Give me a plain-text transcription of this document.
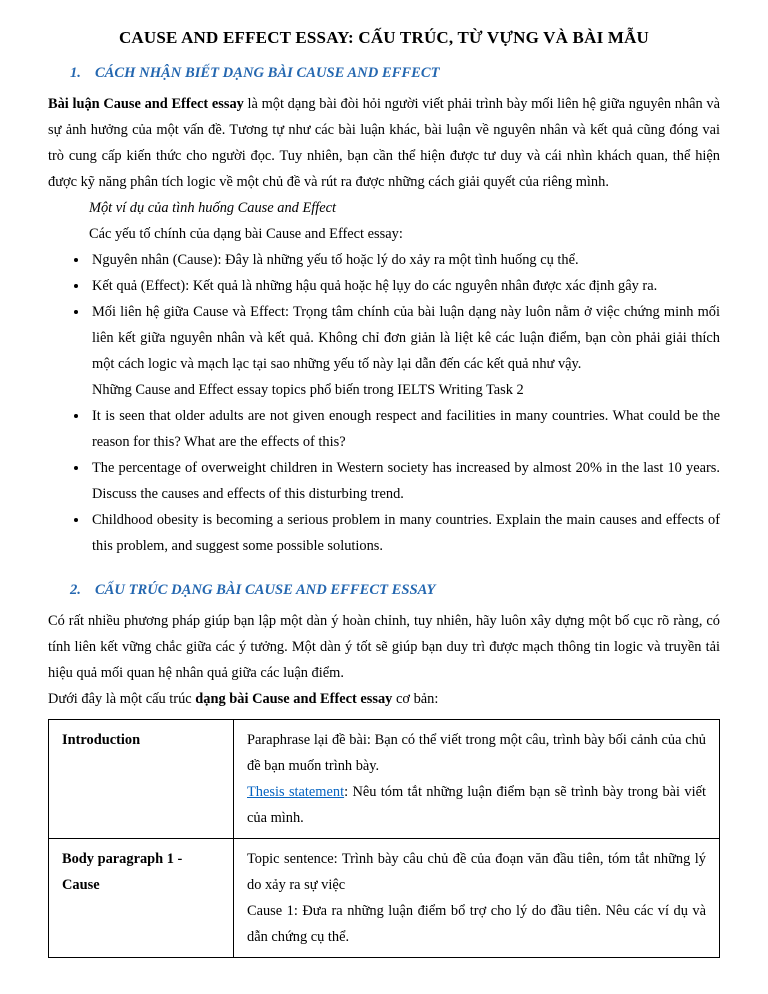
CAUSE AND EFFECT ESSAY: CẤU TRÚC, TỪ VỰNG VÀ BÀI MẪU
1. CÁCH NHẬN BIẾT DẠNG BÀI CAUSE AND EFFECT

Bài luận Cause and Effect essay là một dạng bài đòi hỏi người viết phải trình bày mối liên hệ giữa nguyên nhân và sự ảnh hưởng của một vấn đề. Tương tự như các bài luận khác, bài luận về nguyên nhân và kết quả cũng đóng vai trò cung cấp kiến thức cho người đọc. Tuy nhiên, bạn cần thể hiện được tư duy và cái nhìn khách quan, thể hiện được kỹ năng phân tích logic về một chủ đề và rút ra được những cách giải quyết của riêng mình.

Một ví dụ của tình huống Cause and Effect

Các yếu tố chính của dạng bài Cause and Effect essay:

• Nguyên nhân (Cause): Đây là những yếu tố hoặc lý do xảy ra một tình huống cụ thể.
• Kết quả (Effect): Kết quả là những hậu quả hoặc hệ lụy do các nguyên nhân được xác định gây ra.
• Mối liên hệ giữa Cause và Effect: Trọng tâm chính của bài luận dạng này luôn nằm ở việc chứng minh mối liên kết giữa nguyên nhân và kết quả. Không chỉ đơn giản là liệt kê các luận điểm, bạn còn phải giải thích một cách logic và mạch lạc tại sao những yếu tố này lại dẫn đến các kết quả như vậy.
Những Cause and Effect essay topics phổ biến trong IELTS Writing Task 2
• It is seen that older adults are not given enough respect and facilities in many countries. What could be the reason for this? What are the effects of this?
• The percentage of overweight children in Western society has increased by almost 20% in the last 10 years. Discuss the causes and effects of this disturbing trend.
• Childhood obesity is becoming a serious problem in many countries. Explain the main causes and effects of this problem, and suggest some possible solutions.
2. CẤU TRÚC DẠNG BÀI CAUSE AND EFFECT ESSAY

Có rất nhiều phương pháp giúp bạn lập một dàn ý hoàn chỉnh, tuy nhiên, hãy luôn xây dựng một bố cục rõ ràng, có tính liên kết vững chắc giữa các ý tưởng. Một dàn ý tốt sẽ giúp bạn duy trì được mạch thông tin logic và truyền tải hiệu quả mối quan hệ nhân quả giữa các luận điểm.

Dưới đây là một cấu trúc dạng bài Cause and Effect essay cơ bản:

Introduction	Paraphrase lại đề bài: Bạn có thể viết trong một câu, trình bày bối cảnh của chủ đề bạn muốn trình bày.
Thesis statement: Nêu tóm tắt những luận điểm bạn sẽ trình bày trong bài viết của mình.

Body paragraph 1 - Cause	Topic sentence: Trình bày câu chủ đề của đoạn văn đầu tiên, tóm tắt những lý do xảy ra sự việc
Cause 1: Đưa ra những luận điểm bổ trợ cho lý do đầu tiên. Nêu các ví dụ và dẫn chứng cụ thể.
